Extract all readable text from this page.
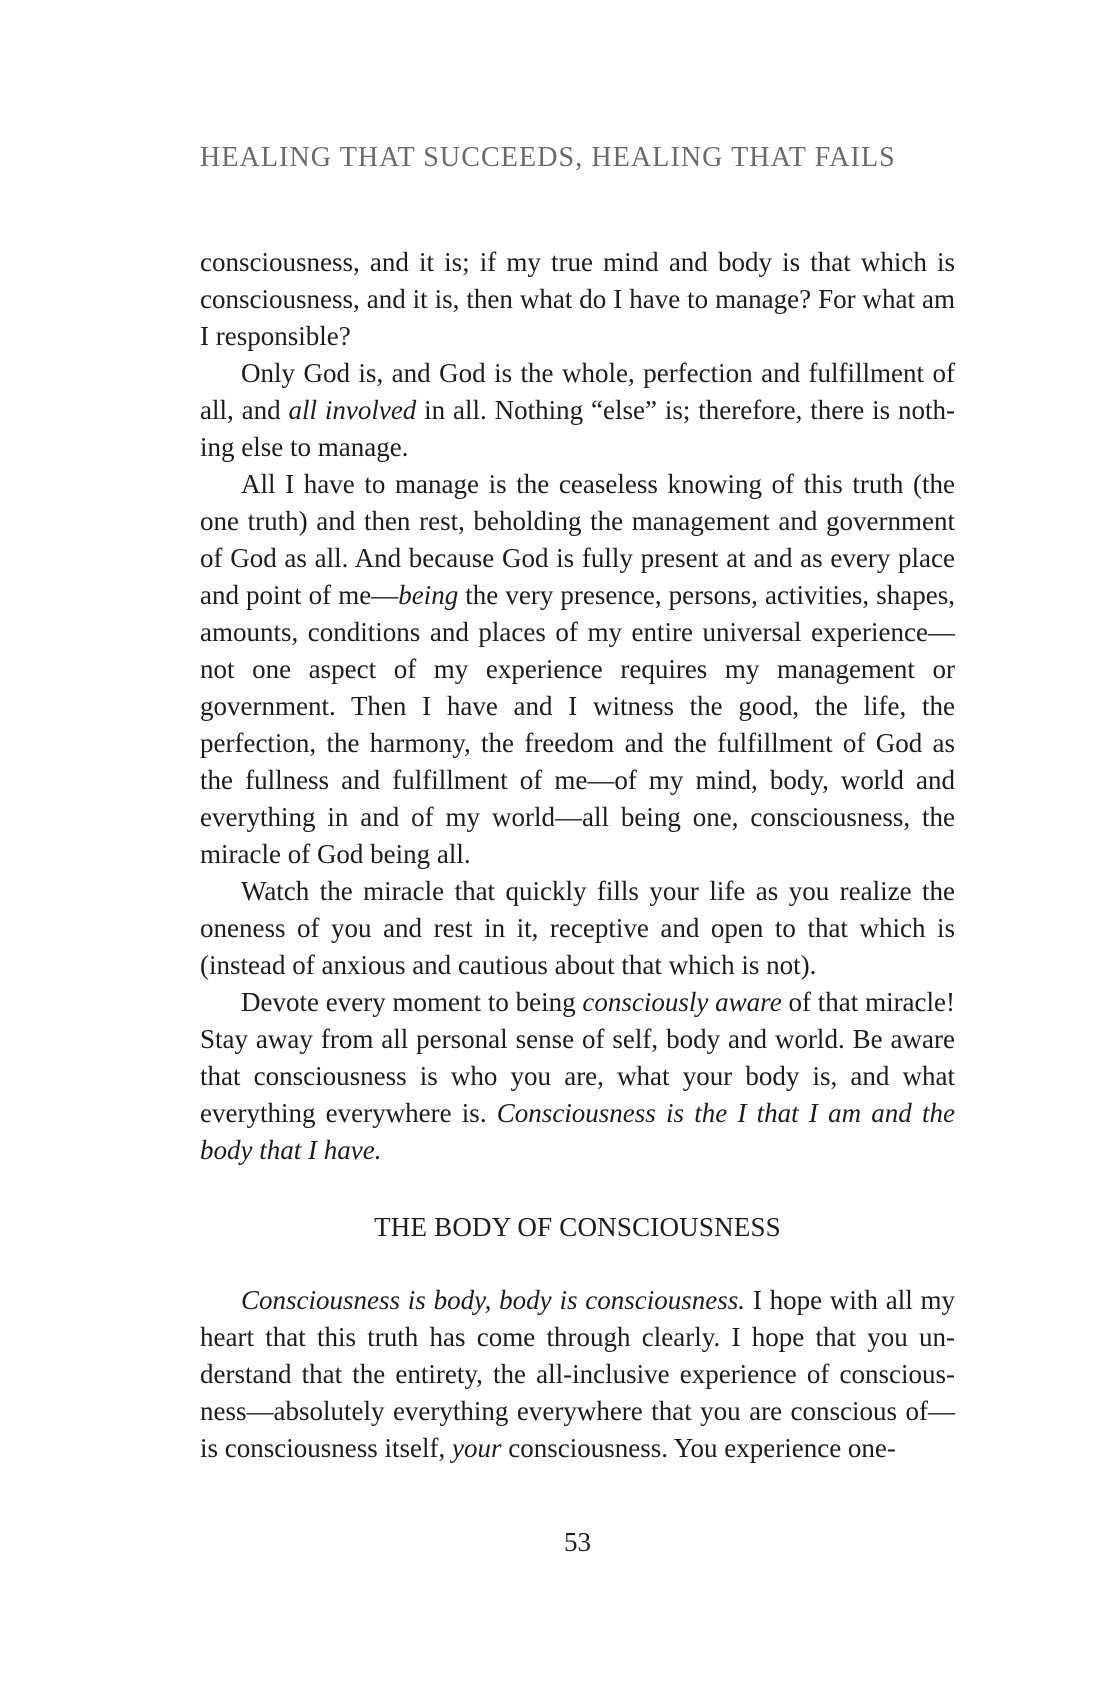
HEALING THAT SUCCEEDS, HEALING THAT FAILS

consciousness, and it is; if my true mind and body is that which is consciousness, and it is, then what do I have to manage? For what am I responsible?

Only God is, and God is the whole, perfection and fulfillment of all, and all involved in all. Nothing “else” is; therefore, there is nothing else to manage.

All I have to manage is the ceaseless knowing of this truth (the one truth) and then rest, beholding the management and government of God as all. And because God is fully present at and as every place and point of me—being the very presence, persons, activities, shapes, amounts, conditions and places of my entire universal experience—not one aspect of my experience requires my management or government. Then I have and I witness the good, the life, the perfection, the harmony, the freedom and the fulfillment of God as the fullness and fulfillment of me—of my mind, body, world and everything in and of my world—all being one, consciousness, the miracle of God being all.

Watch the miracle that quickly fills your life as you realize the oneness of you and rest in it, receptive and open to that which is (instead of anxious and cautious about that which is not).

Devote every moment to being consciously aware of that miracle! Stay away from all personal sense of self, body and world. Be aware that consciousness is who you are, what your body is, and what everything everywhere is. Consciousness is the I that I am and the body that I have.

THE BODY OF CONSCIOUSNESS

Consciousness is body, body is consciousness. I hope with all my heart that this truth has come through clearly. I hope that you understand that the entirety, the all-inclusive experience of consciousness—absolutely everything everywhere that you are conscious of—is consciousness itself, your consciousness. You experience one-

53
